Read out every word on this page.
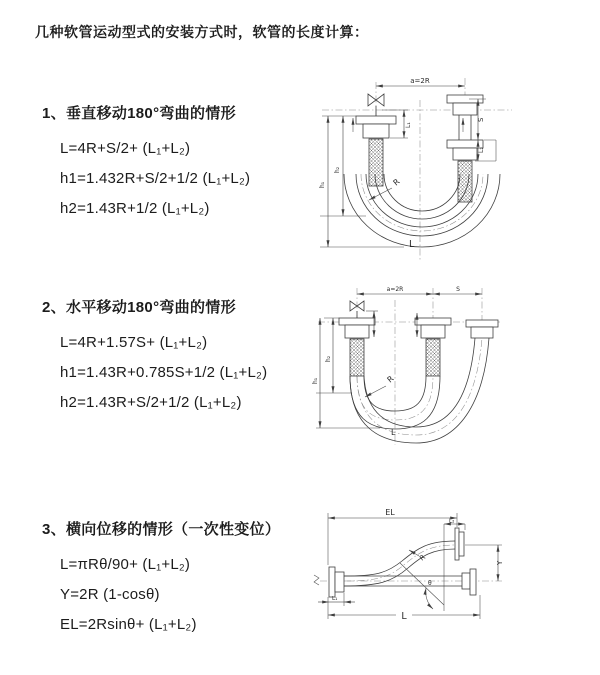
几种软管运动型式的安装方式时，软管的长度计算：

1、垂直移动180°弯曲的情形

L=4R+S/2+ (L₁+L₂)

h1=1.432R+S/2+1/2 (L₁+L₂)

h2=1.43R+1/2 (L₁+L₂)

2、水平移动180°弯曲的情形

L=4R+1.57S+ (L₁+L₂)

h1=1.43R+0.785S+1/2 (L₁+L₂)

h2=1.43R+S/2+1/2 (L₁+L₂)

3、横向位移的情形（一次性变位）

L=πRθ/90+ (L₁+L₂)

Y=2R (1-cosθ)

EL=2Rsinθ+ (L₁+L₂)

a=2R
L₁
S
L₂
h₁
h₂
R
L
a=2R	S
h₁
h₂
R
L
EL
L₂
Y
θ
R
L₁
L
